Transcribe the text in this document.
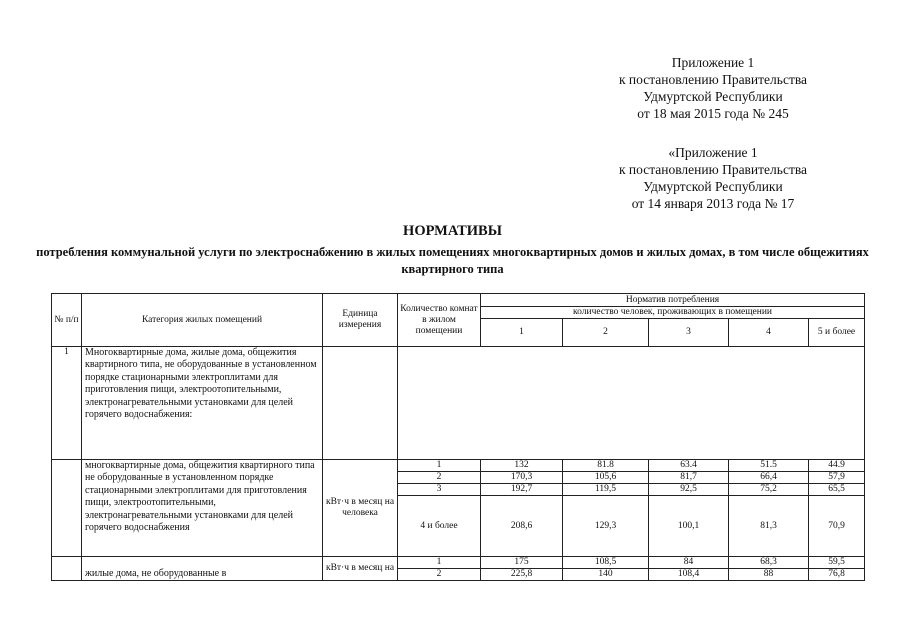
Приложение 1
к постановлению Правительства
Удмуртской Республики
от 18 мая 2015 года № 245
«Приложение 1
к постановлению Правительства
Удмуртской Республики
от 14 января 2013 года № 17
НОРМАТИВЫ
потребления коммунальной услуги по электроснабжению в жилых помещениях многоквартирных домов и жилых домах, в том числе общежитиях квартирного типа
№ п/п	Категория жилых помещений	Единица измерения	Количество комнат в жилом помещении	Норматив потребления				
				количество человек, проживающих в помещении				
				1	2	3	4	5 и более
1	Многоквартирные дома, жилые дома, общежития квартирного типа, не оборудованные в установленном порядке стационарными электроплитами для приготовления пищи, электроотопительными, электронагревательными установками для целей горячего водоснабжения:							
	многоквартирные дома, общежития квартирного типа не оборудованные в установленном порядке стационарными электроплитами для приготовления пищи, электроотопительными, электронагревательными установками для целей горячего водоснабжения	кВт·ч в месяц на человека	1	132	81.8	63.4	51.5	44.9
			2	170,3	105,6	81,7	66,4	57,9
			3	192,7	119,5	92,5	75,2	65,5
			4 и более	208,6	129,3	100,1	81,3	70,9
	жилые дома, не оборудованные в	кВт·ч в месяц на	1	175	108,5	84	68,3	59,5
			2	225,8	140	108,4	88	76,8
